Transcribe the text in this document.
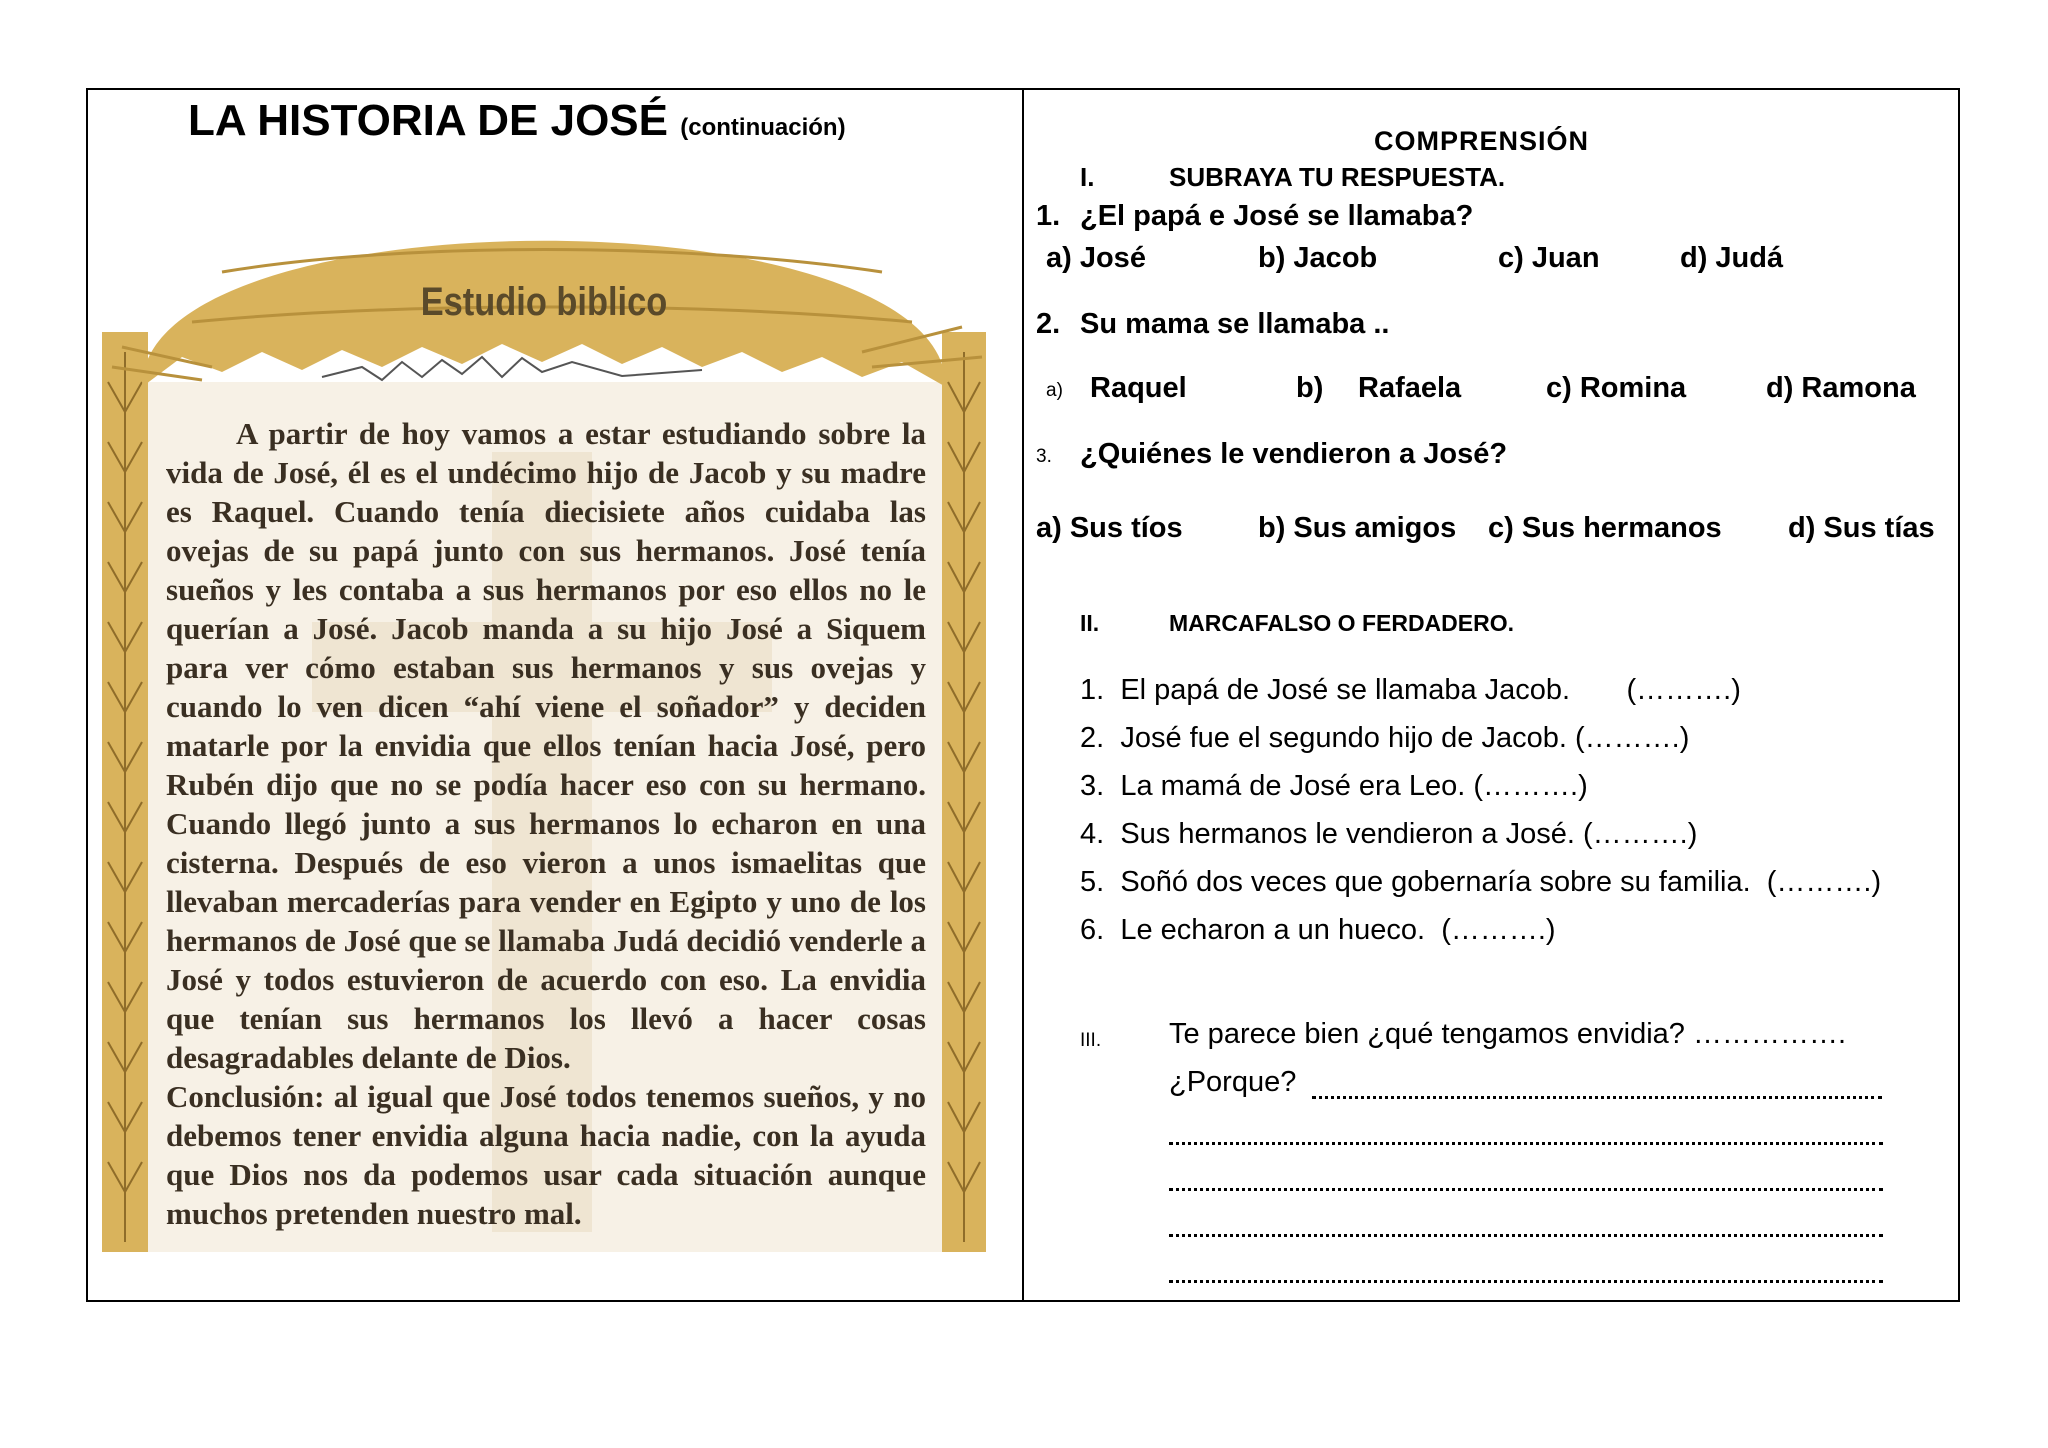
LA HISTORIA DE JOSÉ (continuación)
Estudio biblico

A partir de hoy vamos a estar estudiando sobre la vida de José, él es el undécimo hijo de Jacob y su madre es Raquel. Cuando tenía diecisiete años cuidaba las ovejas de su papá junto con sus hermanos. José tenía sueños y les contaba a sus hermanos por eso ellos no le querían a José. Jacob manda a su hijo José a Siquem para ver cómo estaban sus hermanos y sus ovejas y cuando lo ven dicen “ahí viene el soñador” y deciden matarle por la envidia que ellos tenían hacia José, pero Rubén dijo que no se podía hacer eso con su hermano. Cuando llegó junto a sus hermanos lo echaron en una cisterna. Después de eso vieron a unos ismaelitas que llevaban mercaderías para vender en Egipto y uno de los hermanos de José que se llamaba Judá decidió venderle a José y todos estuvieron de acuerdo con eso. La envidia que tenían sus hermanos los llevó a hacer cosas desagradables delante de Dios.

Conclusión: al igual que José todos tenemos sueños, y no debemos tener envidia alguna hacia nadie, con la ayuda que Dios nos da podemos usar cada situación aunque muchos pretenden nuestro mal.

COMPRENSIÓN
I.	SUBRAYA TU RESPUESTA.
1. ¿El papá e José se llamaba?
a) José	b) Jacob	c) Juan	d) Judá
2. Su mama se llamaba ..
a) Raquel	b) Rafaela	c) Romina	d) Ramona
3. ¿Quiénes le vendieron a José?
a) Sus tíos	b) Sus amigos c) Sus hermanos d) Sus tías
II.	MARCAFALSO O FERDADERO.
1. El papá de José se llamaba Jacob. (……….)
2. José fue el segundo hijo de Jacob. (……….)
3. La mamá de José era Leo. (……….)
4. Sus hermanos le vendieron a José. (……….)
5. Soñó dos veces que gobernaría sobre su familia. (……….)
6. Le echaron a un hueco. (……….)
III. Te parece bien ¿qué tengamos envidia? …………….
¿Porque?
